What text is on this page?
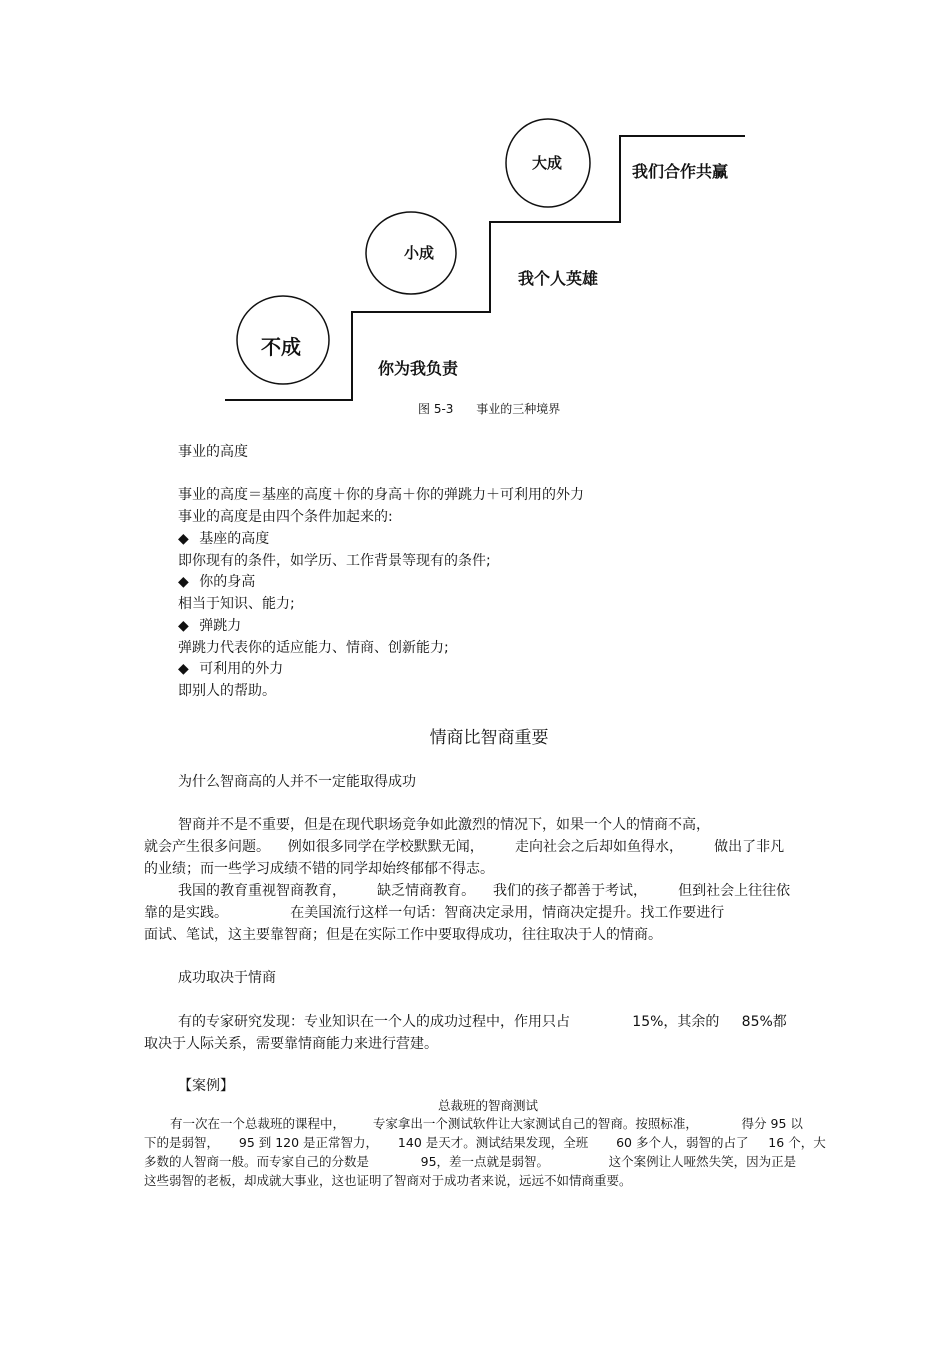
不成
小成
大成
你为我负责
我个人英雄
我们合作共赢
图 5-3      事业的三种境界
事业的高度
事业的高度＝基座的高度＋你的身高＋你的弹跳力＋可利用的外力
事业的高度是由四个条件加起来的:
◆ 基座的高度
即你现有的条件，如学历、工作背景等现有的条件;
◆ 你的身高
相当于知识、能力;
◆ 弹跳力
弹跳力代表你的适应能力、情商、创新能力;
◆ 可利用的外力
即别人的帮助。
情商比智商重要
为什么智商高的人并不一定能取得成功
智商并不是不重要，但是在现代职场竞争如此激烈的情况下，如果一个人的情商不高，
就会产生很多问题。    例如很多同学在学校默默无闻，       走向社会之后却如鱼得水，       做出了非凡
的业绩；而一些学习成绩不错的同学却始终郁郁不得志。
我国的教育重视智商教育，       缺乏情商教育。    我们的孩子都善于考试，       但到社会上往往依
靠的是实践。              在美国流行这样一句话：智商决定录用，情商决定提升。找工作要进行
面试、笔试，这主要靠智商；但是在实际工作中要取得成功，往往取决于人的情商。
成功取决于情商
有的专家研究发现：专业知识在一个人的成功过程中，作用只占              15%，其余的     85%都
取决于人际关系，需要靠情商能力来进行营建。
【案例】
总裁班的智商测试
有一次在一个总裁班的课程中，       专家拿出一个测试软件让大家测试自己的智商。按照标准，           得分 95 以
下的是弱智，     95 到 120 是正常智力，     140 是天才。测试结果发现，全班       60 多个人，弱智的占了     16 个，大
多数的人智商一般。而专家自己的分数是             95，差一点就是弱智。               这个案例让人哑然失笑，因为正是
这些弱智的老板，却成就大事业，这也证明了智商对于成功者来说，远远不如情商重要。
